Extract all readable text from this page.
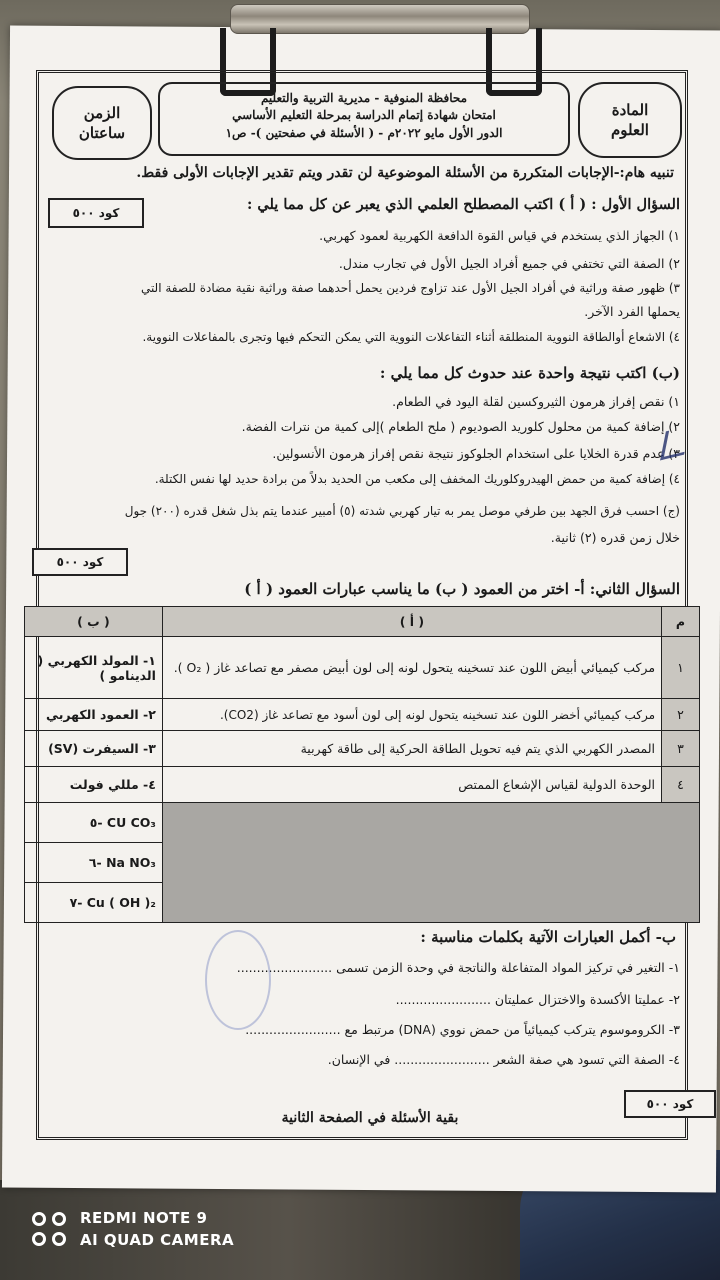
الزمن
ساعتان
محافظة المنوفية - مديرية التربية والتعليم
امتحان شهادة إتمام الدراسة بمرحلة التعليم الأساسي
الدور الأول مايو ٢٠٢٢م - ( الأسئلة في صفحتين )- ص١
المادة
العلوم
تنبيه هام:-الإجابات المتكررة من الأسئلة الموضوعية لن تقدر ويتم تقدير الإجابات الأولى فقط.
السؤال الأول : ( أ ) اكتب المصطلح العلمي الذي يعبر عن كل مما يلي :
كود ٥٠٠
١) الجهاز الذي يستخدم في قياس القوة الدافعة الكهربية لعمود كهربي.
٢) الصفة التي تختفي في جميع أفراد الجيل الأول في تجارب مندل.
٣) ظهور صفة وراثية في أفراد الجيل الأول عند تزاوج فردين يحمل أحدهما صفة وراثية نقية مضادة للصفة التي
يحملها الفرد الآخر.
٤) الاشعاع أوالطاقة النووية المنطلقة أثناء التفاعلات النووية التي يمكن التحكم فيها وتجرى بالمفاعلات النووية.
(ب) اكتب نتيجة واحدة عند حدوث كل مما يلي :
١) نقص إفراز هرمون الثيروكسين لقلة اليود في الطعام.
٢) إضافة كمية من محلول كلوريد الصوديوم ( ملح الطعام )إلى كمية من نترات الفضة.
٣) عدم قدرة الخلايا على استخدام الجلوكوز نتيجة نقص إفراز هرمون الأنسولين.
٤) إضافة كمية من حمض الهيدروكلوريك المخفف إلى مكعب من الحديد بدلاً من برادة حديد لها نفس الكتلة.
(ج) احسب فرق الجهد بين طرفي موصل يمر به تيار كهربي شدته (٥) أمبير عندما يتم بذل شغل قدره (٢٠٠) جول
خلال زمن قدره (٢) ثانية.
كود ٥٠٠
السؤال الثاني: أ- اختر من العمود ( ب) ما يناسب عبارات العمود ( أ )
م	( أ )	( ب )
١	مركب كيميائي أبيض اللون عند تسخينه يتحول لونه إلى لون أبيض مصفر مع تصاعد غاز ( O₂ ).	١- المولد الكهربي ( الدينامو )
٢	مركب كيميائي أخضر اللون عند تسخينه يتحول لونه إلى لون أسود مع تصاعد غاز (CO2).	٢- العمود الكهربي
٣	المصدر الكهربي الذي يتم فيه تحويل الطاقة الحركية إلى طاقة كهربية	٣- السيفرت (SV)
٤	الوحدة الدولية لقياس الإشعاع الممتص	٤- مللي فولت
		CU CO₃ -٥
		Na NO₃ -٦
		Cu ( OH )₂ -٧
ب- أكمل العبارات الآتية بكلمات مناسبة :
١- التغير في تركيز المواد المتفاعلة والناتجة في وحدة الزمن تسمى ........................
٢- عمليتا الأكسدة والاختزال عمليتان ........................
٣- الكروموسوم يتركب كيميائياً من حمض نووي (DNA) مرتبط مع ........................
٤- الصفة التي تسود هي صفة الشعر ........................ في الإنسان.
كود ٥٠٠
بقية الأسئلة في الصفحة الثانية
REDMI NOTE 9
AI QUAD CAMERA
